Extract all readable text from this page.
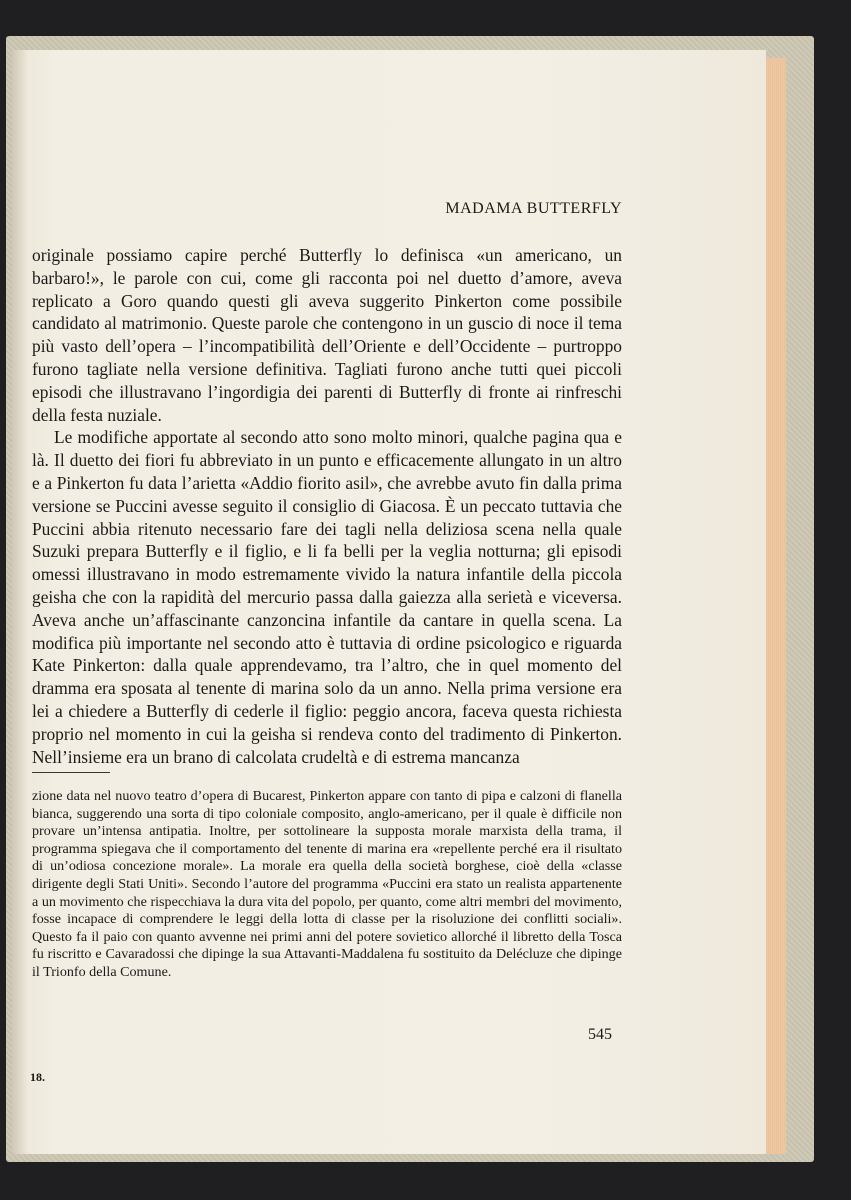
MADAMA BUTTERFLY

originale possiamo capire perché Butterfly lo definisca «un americano, un barbaro!», le parole con cui, come gli racconta poi nel duetto d’amore, aveva replicato a Goro quando questi gli aveva suggerito Pinkerton come possibile candidato al matrimonio. Queste parole che contengono in un guscio di noce il tema più vasto dell’opera – l’incompatibilità dell’Oriente e dell’Occidente – purtroppo furono tagliate nella versione definitiva. Tagliati furono anche tutti quei piccoli episodi che illustravano l’ingordigia dei parenti di Butterfly di fronte ai rinfreschi della festa nuziale.

Le modifiche apportate al secondo atto sono molto minori, qualche pagina qua e là. Il duetto dei fiori fu abbreviato in un punto e efficacemente allungato in un altro e a Pinkerton fu data l’arietta «Addio fiorito asil», che avrebbe avuto fin dalla prima versione se Puccini avesse seguito il consiglio di Giacosa. È un peccato tuttavia che Puccini abbia ritenuto necessario fare dei tagli nella deliziosa scena nella quale Suzuki prepara Butterfly e il figlio, e li fa belli per la veglia notturna; gli episodi omessi illustravano in modo estremamente vivido la natura infantile della piccola geisha che con la rapidità del mercurio passa dalla gaiezza alla serietà e viceversa. Aveva anche un’affascinante canzoncina infantile da cantare in quella scena. La modifica più importante nel secondo atto è tuttavia di ordine psicologico e riguarda Kate Pinkerton: dalla quale apprendevamo, tra l’altro, che in quel momento del dramma era sposata al tenente di marina solo da un anno. Nella prima versione era lei a chiedere a Butterfly di cederle il figlio: peggio ancora, faceva questa richiesta proprio nel momento in cui la geisha si rendeva conto del tradimento di Pinkerton. Nell’insieme era un brano di calcolata crudeltà e di estrema mancanza

zione data nel nuovo teatro d’opera di Bucarest, Pinkerton appare con tanto di pipa e calzoni di flanella bianca, suggerendo una sorta di tipo coloniale composito, anglo-americano, per il quale è difficile non provare un’intensa antipatia. Inoltre, per sottolineare la supposta morale marxista della trama, il programma spiegava che il comportamento del tenente di marina era «repellente perché era il risultato di un’odiosa concezione morale». La morale era quella della società borghese, cioè della «classe dirigente degli Stati Uniti». Secondo l’autore del programma «Puccini era stato un realista appartenente a un movimento che rispecchiava la dura vita del popolo, per quanto, come altri membri del movimento, fosse incapace di comprendere le leggi della lotta di classe per la risoluzione dei conflitti sociali». Questo fa il paio con quanto avvenne nei primi anni del potere sovietico allorché il libretto della Tosca fu riscritto e Cavaradossi che dipinge la sua Attavanti-Maddalena fu sostituito da Delécluze che dipinge il Trionfo della Comune.

545
18.
